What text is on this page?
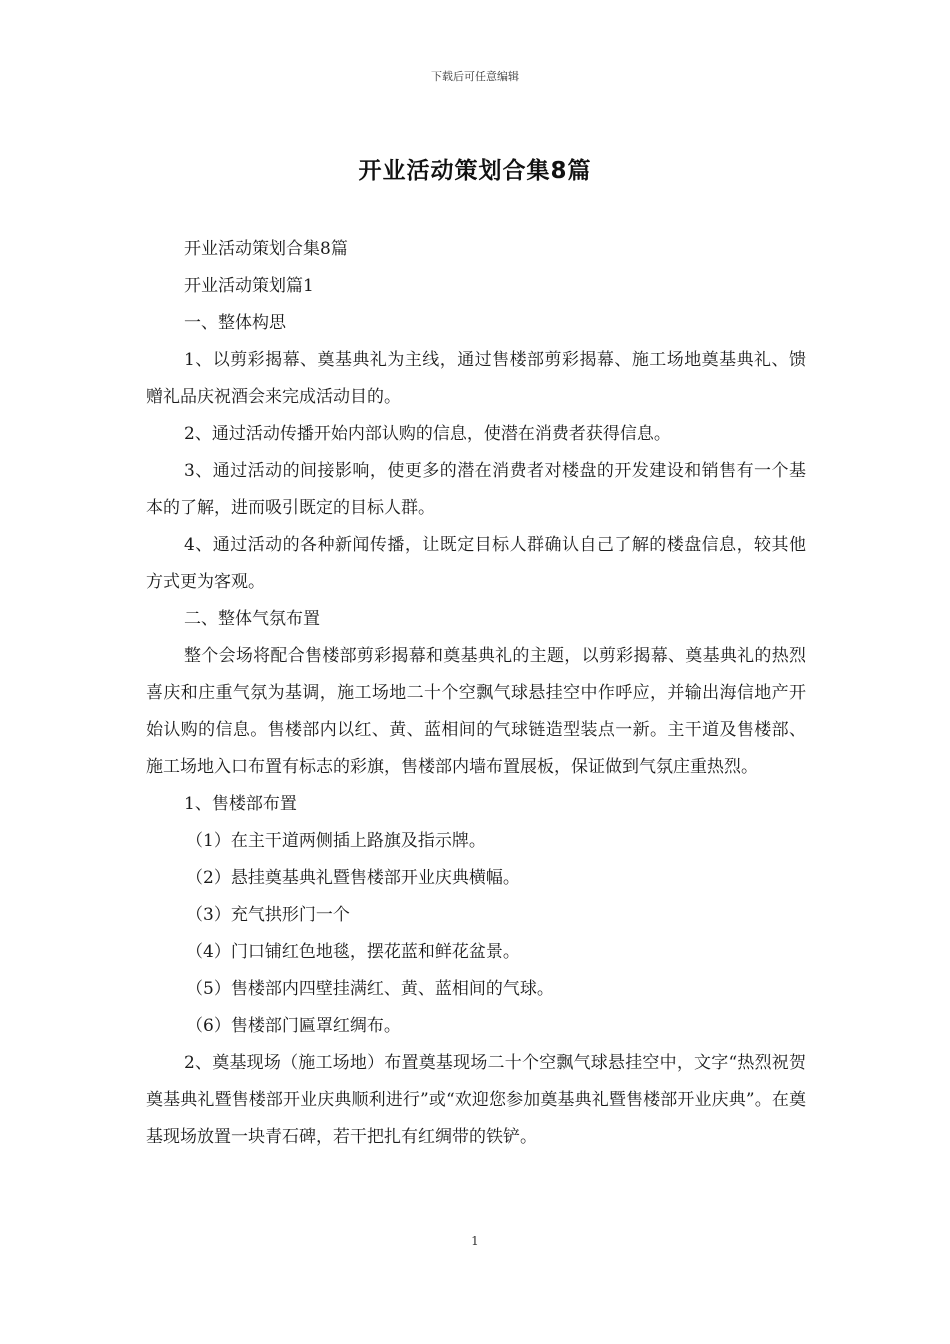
下载后可任意编辑
开业活动策划合集8篇

开业活动策划合集8篇

开业活动策划篇1

一、整体构思

1、以剪彩揭幕、奠基典礼为主线，通过售楼部剪彩揭幕、施工场地奠基典礼、馈赠礼品庆祝酒会来完成活动目的。

2、通过活动传播开始内部认购的信息，使潜在消费者获得信息。

3、通过活动的间接影响，使更多的潜在消费者对楼盘的开发建设和销售有一个基本的了解，进而吸引既定的目标人群。

4、通过活动的各种新闻传播，让既定目标人群确认自己了解的楼盘信息，较其他方式更为客观。

二、整体气氛布置

整个会场将配合售楼部剪彩揭幕和奠基典礼的主题，以剪彩揭幕、奠基典礼的热烈喜庆和庄重气氛为基调，施工场地二十个空飘气球悬挂空中作呼应，并输出海信地产开始认购的信息。售楼部内以红、黄、蓝相间的气球链造型装点一新。主干道及售楼部、施工场地入口布置有标志的彩旗，售楼部内墙布置展板，保证做到气氛庄重热烈。

1、售楼部布置

（1）在主干道两侧插上路旗及指示牌。

（2）悬挂奠基典礼暨售楼部开业庆典横幅。

（3）充气拱形门一个

（4）门口铺红色地毯，摆花蓝和鲜花盆景。

（5）售楼部内四壁挂满红、黄、蓝相间的气球。

（6）售楼部门匾罩红绸布。

2、奠基现场（施工场地）布置奠基现场二十个空飘气球悬挂空中，文字“热烈祝贺奠基典礼暨售楼部开业庆典顺利进行”或“欢迎您参加奠基典礼暨售楼部开业庆典”。在奠基现场放置一块青石碑，若干把扎有红绸带的铁铲。

1
